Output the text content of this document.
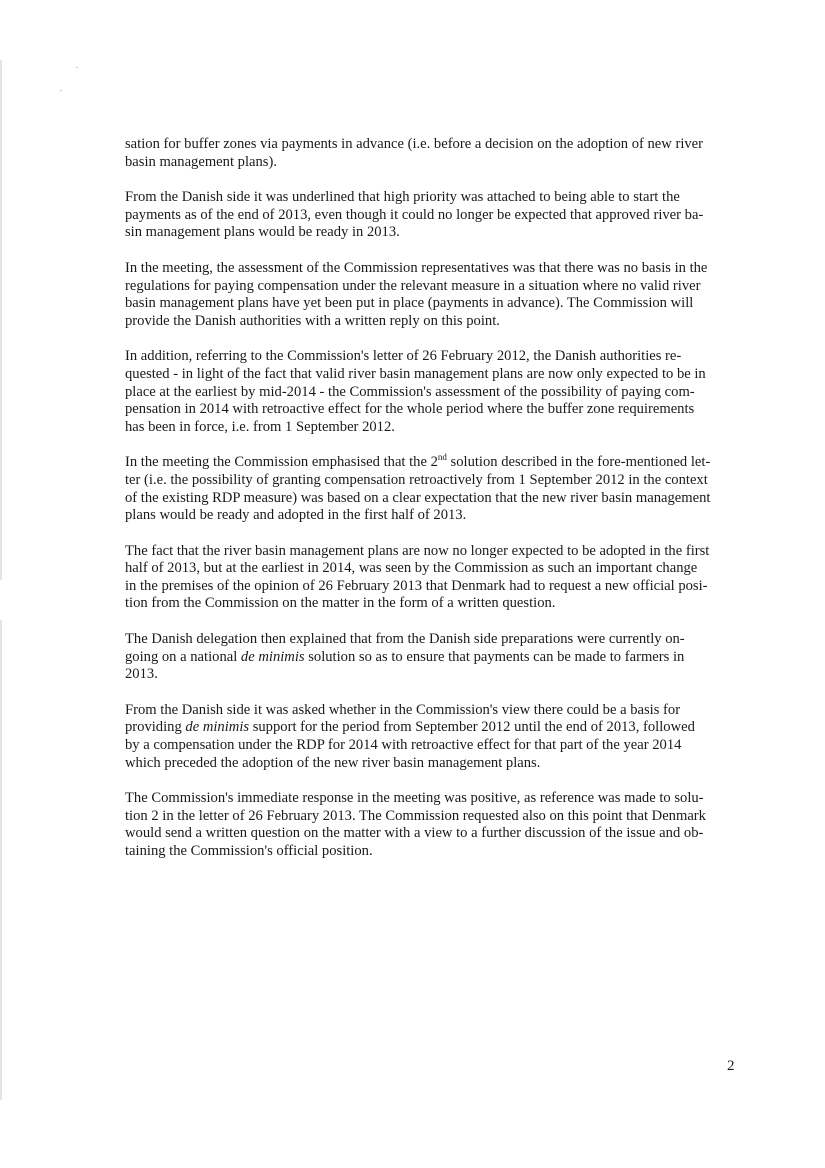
sation for buffer zones via payments in advance (i.e. before a decision on the adoption of new river
basin management plans).

From the Danish side it was underlined that high priority was attached to being able to start the
payments as of the end of 2013, even though it could no longer be expected that approved river ba-
sin management plans would be ready in 2013.

In the meeting, the assessment of the Commission representatives was that there was no basis in the
regulations for paying compensation under the relevant measure in a situation where no valid river
basin management plans have yet been put in place (payments in advance). The Commission will
provide the Danish authorities with a written reply on this point.

In addition, referring to the Commission's letter of 26 February 2012, the Danish authorities re-
quested - in light of the fact that valid river basin management plans are now only expected to be in
place at the earliest by mid-2014 - the Commission's assessment of the possibility of paying com-
pensation in 2014 with retroactive effect for the whole period where the buffer zone requirements
has been in force, i.e. from 1 September 2012.

In the meeting the Commission emphasised that the 2nd solution described in the fore-mentioned let-
ter (i.e. the possibility of granting compensation retroactively from 1 September 2012 in the context
of the existing RDP measure) was based on a clear expectation that the new river basin management
plans would be ready and adopted in the first half of 2013.

The fact that the river basin management plans are now no longer expected to be adopted in the first
half of 2013, but at the earliest in 2014, was seen by the Commission as such an important change
in the premises of the opinion of 26 February 2013 that Denmark had to request a new official posi-
tion from the Commission on the matter in the form of a written question.

The Danish delegation then explained that from the Danish side preparations were currently on-
going on a national de minimis solution so as to ensure that payments can be made to farmers in
2013.

From the Danish side it was asked whether in the Commission's view there could be a basis for
providing de minimis support for the period from September 2012 until the end of 2013, followed
by a compensation under the RDP for 2014 with retroactive effect for that part of the year 2014
which preceded the adoption of the new river basin management plans.

The Commission's immediate response in the meeting was positive, as reference was made to solu-
tion 2 in the letter of 26 February 2013. The Commission requested also on this point that Denmark
would send a written question on the matter with a view to a further discussion of the issue and ob-
taining the Commission's official position.

2
